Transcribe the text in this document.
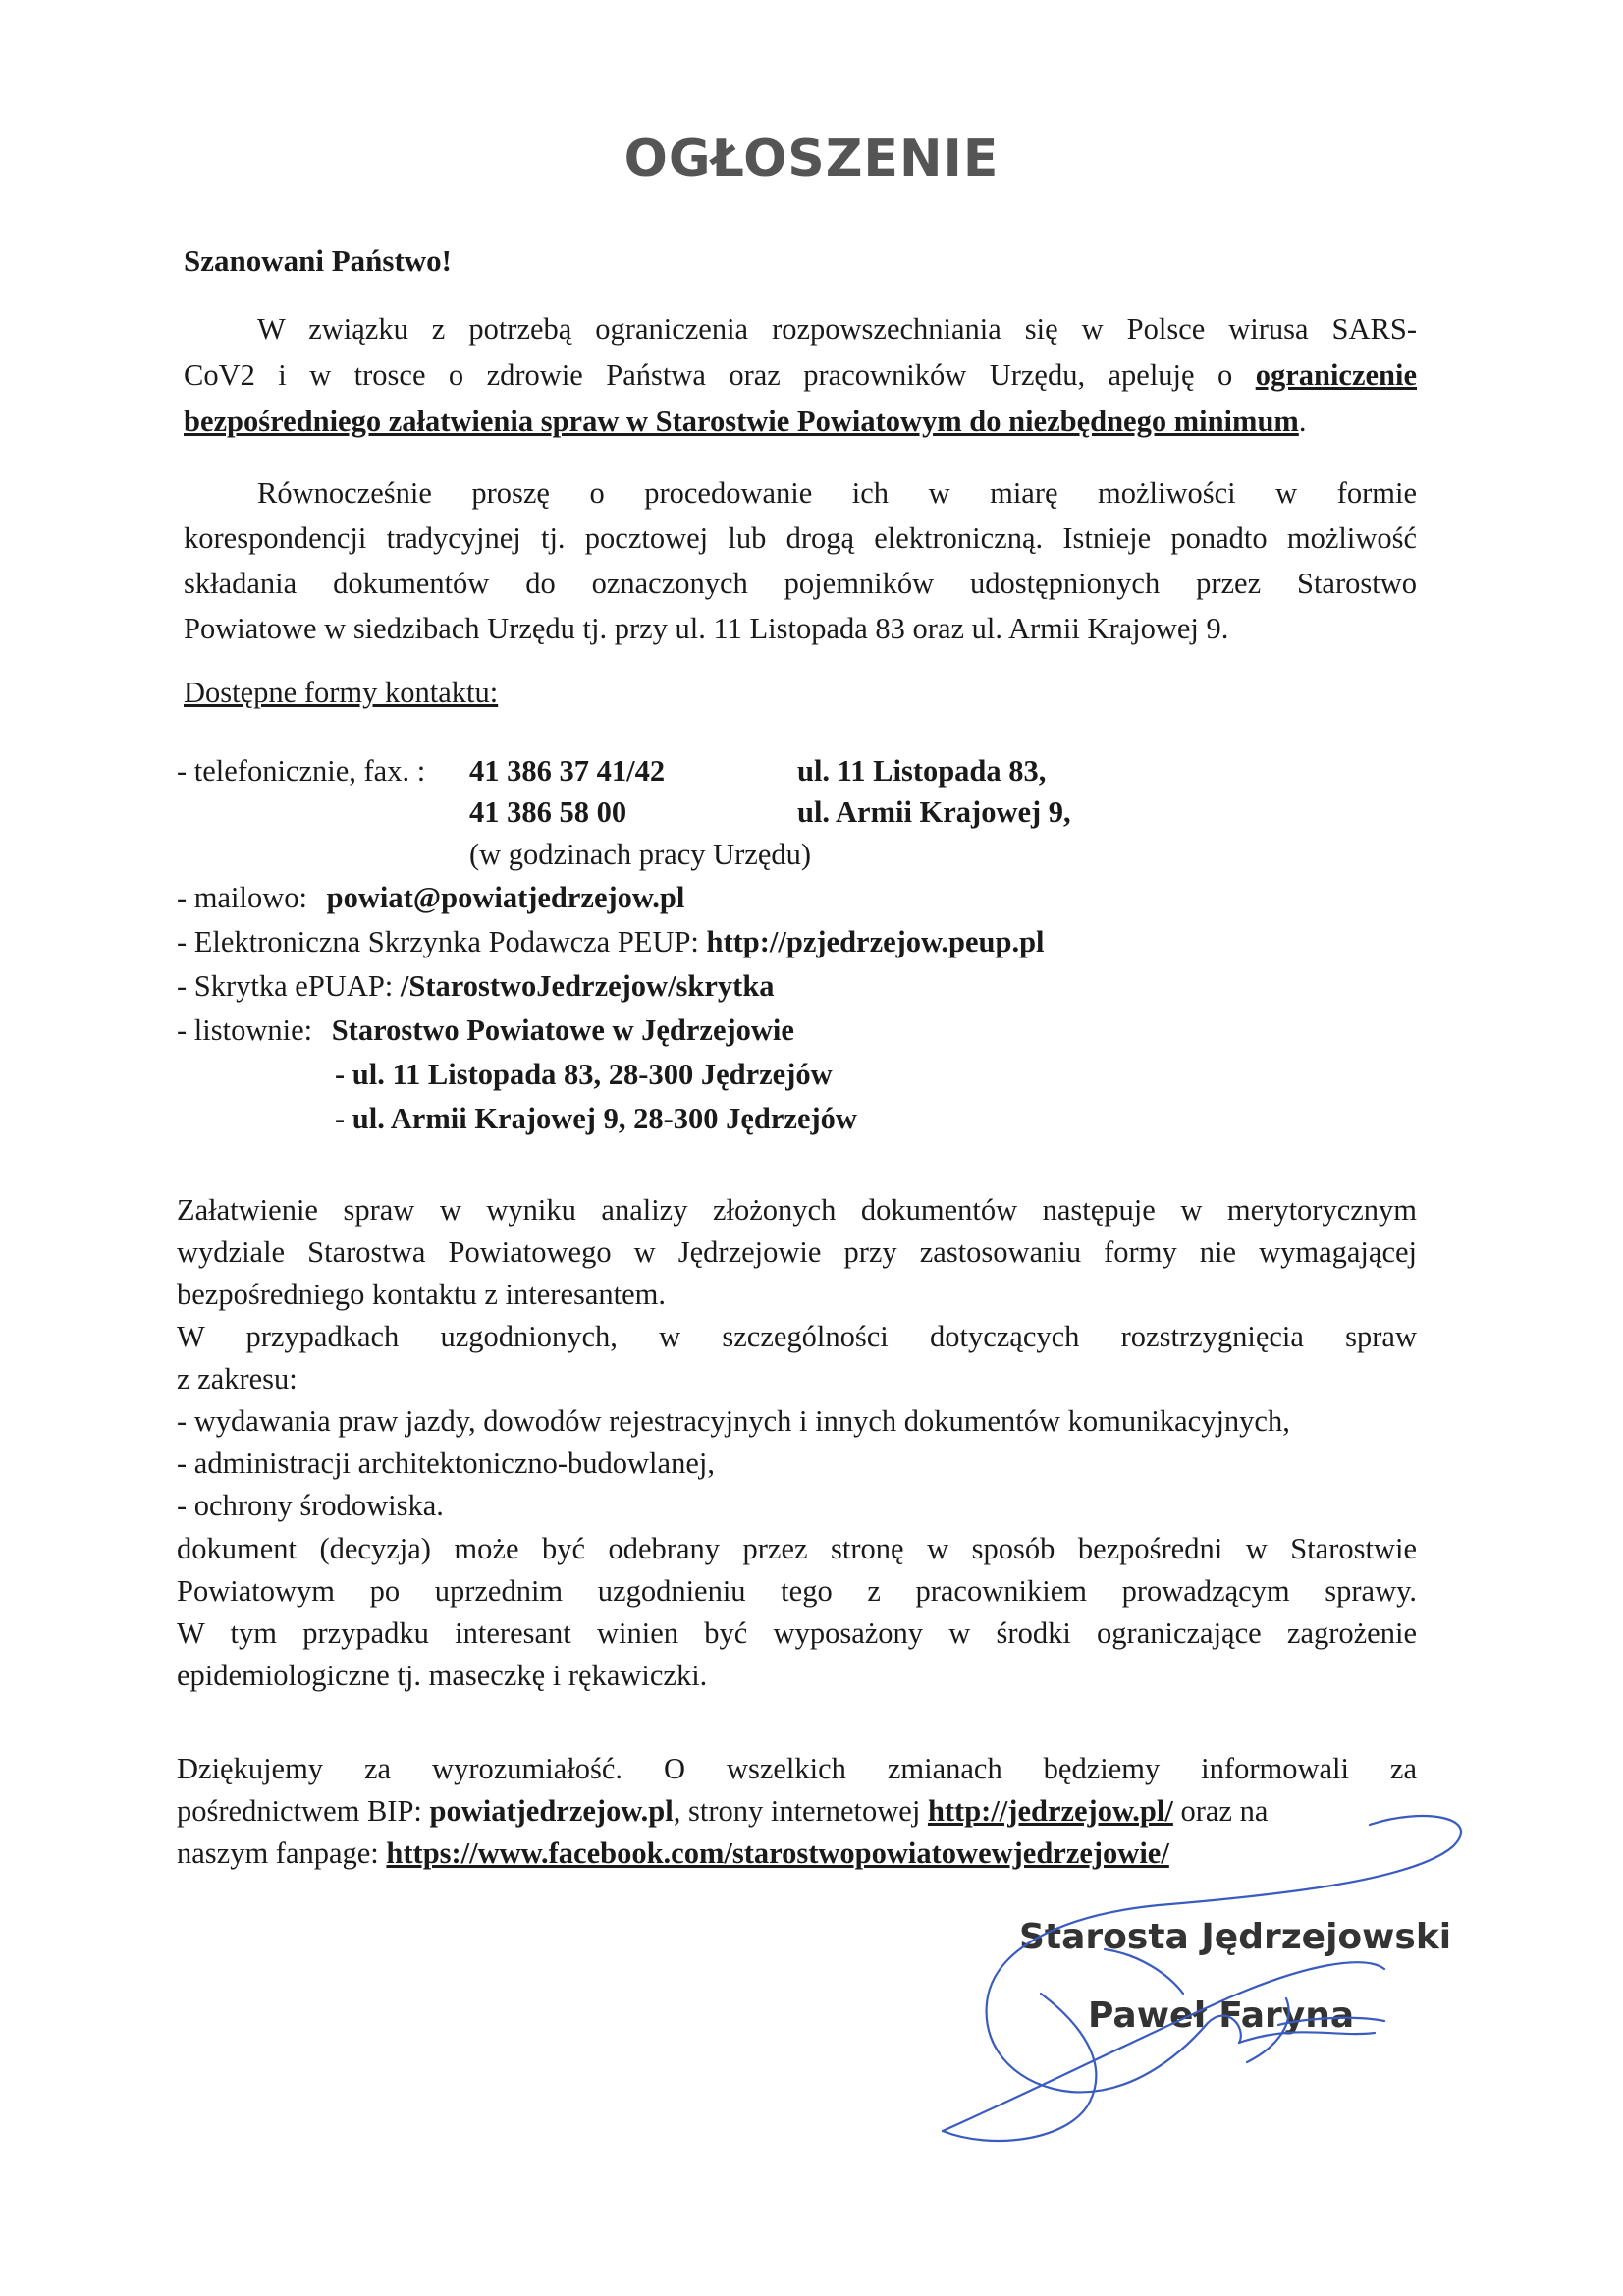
OGŁOSZENIE
Szanowani Państwo!
W związku z potrzebą ograniczenia rozpowszechniania się w Polsce wirusa SARS-
CoV2 i w trosce o zdrowie Państwa oraz pracowników Urzędu, apeluję o ograniczenie
bezpośredniego załatwienia spraw w Starostwie Powiatowym do niezbędnego minimum.
Równocześnie proszę o procedowanie ich w miarę możliwości w formie
korespondencji tradycyjnej tj. pocztowej lub drogą elektroniczną. Istnieje ponadto możliwość
składania dokumentów do oznaczonych pojemników udostępnionych przez Starostwo
Powiatowe w siedzibach Urzędu tj. przy ul. 11 Listopada 83 oraz ul. Armii Krajowej 9.
Dostępne formy kontaktu:
- telefonicznie, fax. : 41 386 37 41/42	ul. 11 Listopada 83,
41 386 58 00	ul. Armii Krajowej 9,
(w godzinach pracy Urzędu)
- mailowo: powiat@powiatjedrzejow.pl
- Elektroniczna Skrzynka Podawcza PEUP: http://pzjedrzejow.peup.pl
- Skrytka ePUAP: /StarostwoJedrzejow/skrytka
- listownie: Starostwo Powiatowe w Jędrzejowie
- ul. 11 Listopada 83, 28-300 Jędrzejów
- ul. Armii Krajowej 9, 28-300 Jędrzejów
Załatwienie spraw w wyniku analizy złożonych dokumentów następuje w merytorycznym
wydziale Starostwa Powiatowego w Jędrzejowie przy zastosowaniu formy nie wymagającej
bezpośredniego kontaktu z interesantem.
W przypadkach uzgodnionych, w szczególności dotyczących rozstrzygnięcia spraw
z zakresu:
- wydawania praw jazdy, dowodów rejestracyjnych i innych dokumentów komunikacyjnych,
- administracji architektoniczno-budowlanej,
- ochrony środowiska.
dokument (decyzja) może być odebrany przez stronę w sposób bezpośredni w Starostwie
Powiatowym po uprzednim uzgodnieniu tego z pracownikiem prowadzącym sprawy.
W tym przypadku interesant winien być wyposażony w środki ograniczające zagrożenie
epidemiologiczne tj. maseczkę i rękawiczki.
Dziękujemy za wyrozumiałość. O wszelkich zmianach będziemy informowali za
pośrednictwem BIP: powiatjedrzejow.pl, strony internetowej http://jedrzejow.pl/ oraz na
naszym fanpage: https://www.facebook.com/starostwopowiatowewjedrzejowie/
Starosta Jędrzejowski
Paweł Faryna
